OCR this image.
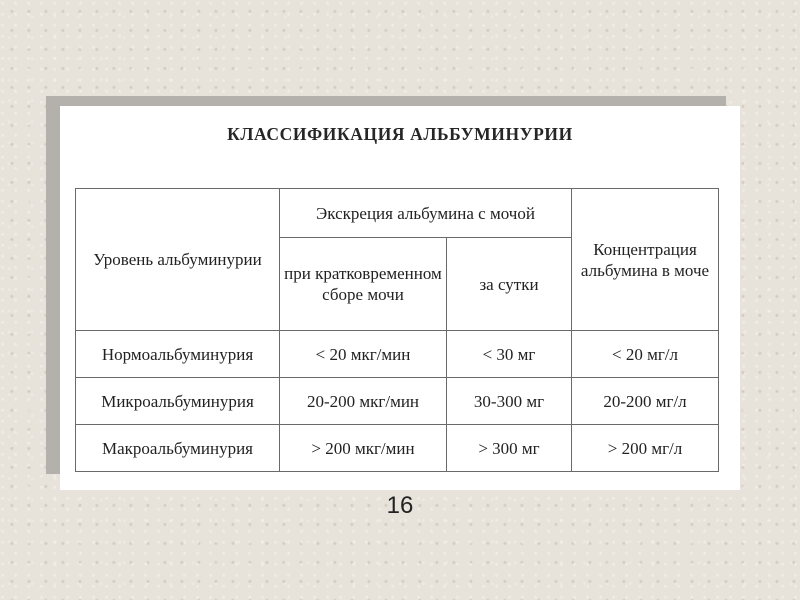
КЛАССИФИКАЦИЯ АЛЬБУМИНУРИИ
Уровень альбуминурии	Экскреция альбумина с мочой		Концентрация альбумина в моче
	при кратковременном сборе мочи	за сутки	
Нормоальбуминурия	< 20 мкг/мин	< 30 мг	< 20 мг/л
Микроальбуминурия	20-200 мкг/мин	30-300 мг	20-200 мг/л
Макроальбуминурия	> 200 мкг/мин	> 300 мг	> 200 мг/л
16
